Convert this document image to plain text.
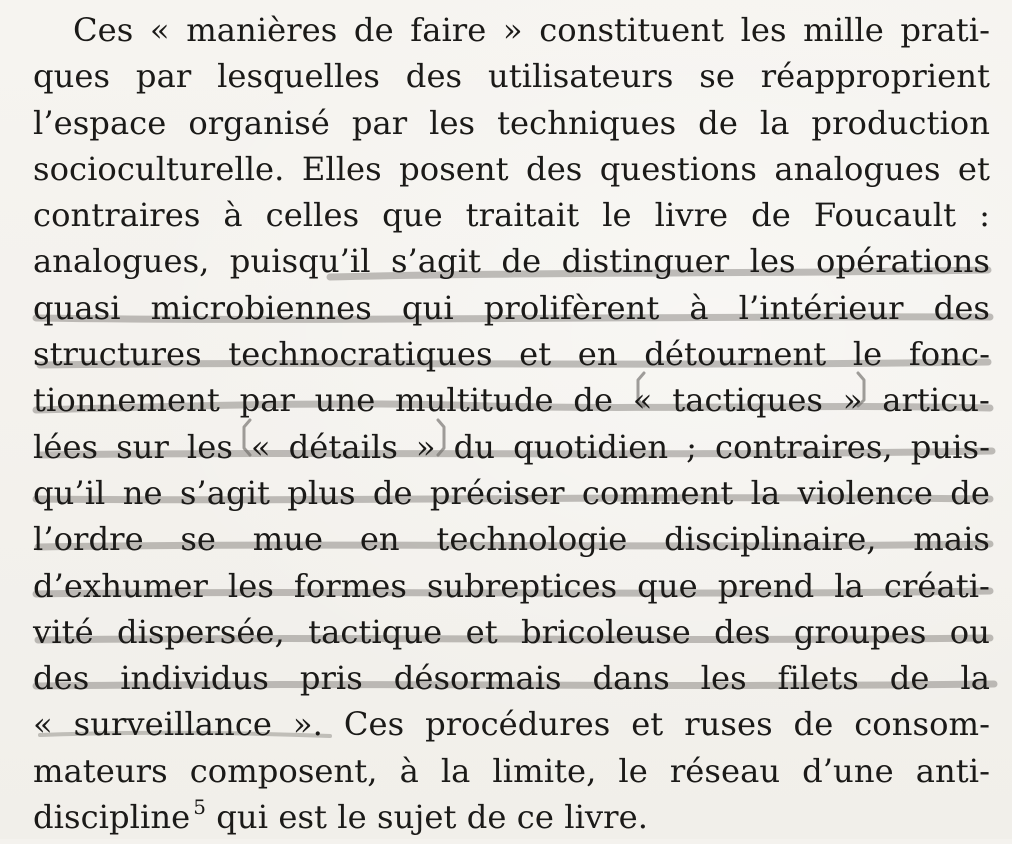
Ces « manières de faire » constituent les mille prati-
ques par lesquelles des utilisateurs se réapproprient
l’espace organisé par les techniques de la production
socioculturelle. Elles posent des questions analogues et
contraires à celles que traitait le livre de Foucault :
analogues, puisqu’il s’agit de distinguer les opérations
quasi microbiennes qui prolifèrent à l’intérieur des
structures technocratiques et en détournent le fonc-
tionnement par une multitude de « tactiques » articu-
lées sur les « détails » du quotidien ; contraires, puis-
qu’il ne s’agit plus de préciser comment la violence de
l’ordre se mue en technologie disciplinaire, mais
d’exhumer les formes subreptices que prend la créati-
vité dispersée, tactique et bricoleuse des groupes ou
des individus pris désormais dans les filets de la
« surveillance ». Ces procédures et ruses de consom-
mateurs composent, à la limite, le réseau d’une anti-
discipline $^5$ qui est le sujet de ce livre.
